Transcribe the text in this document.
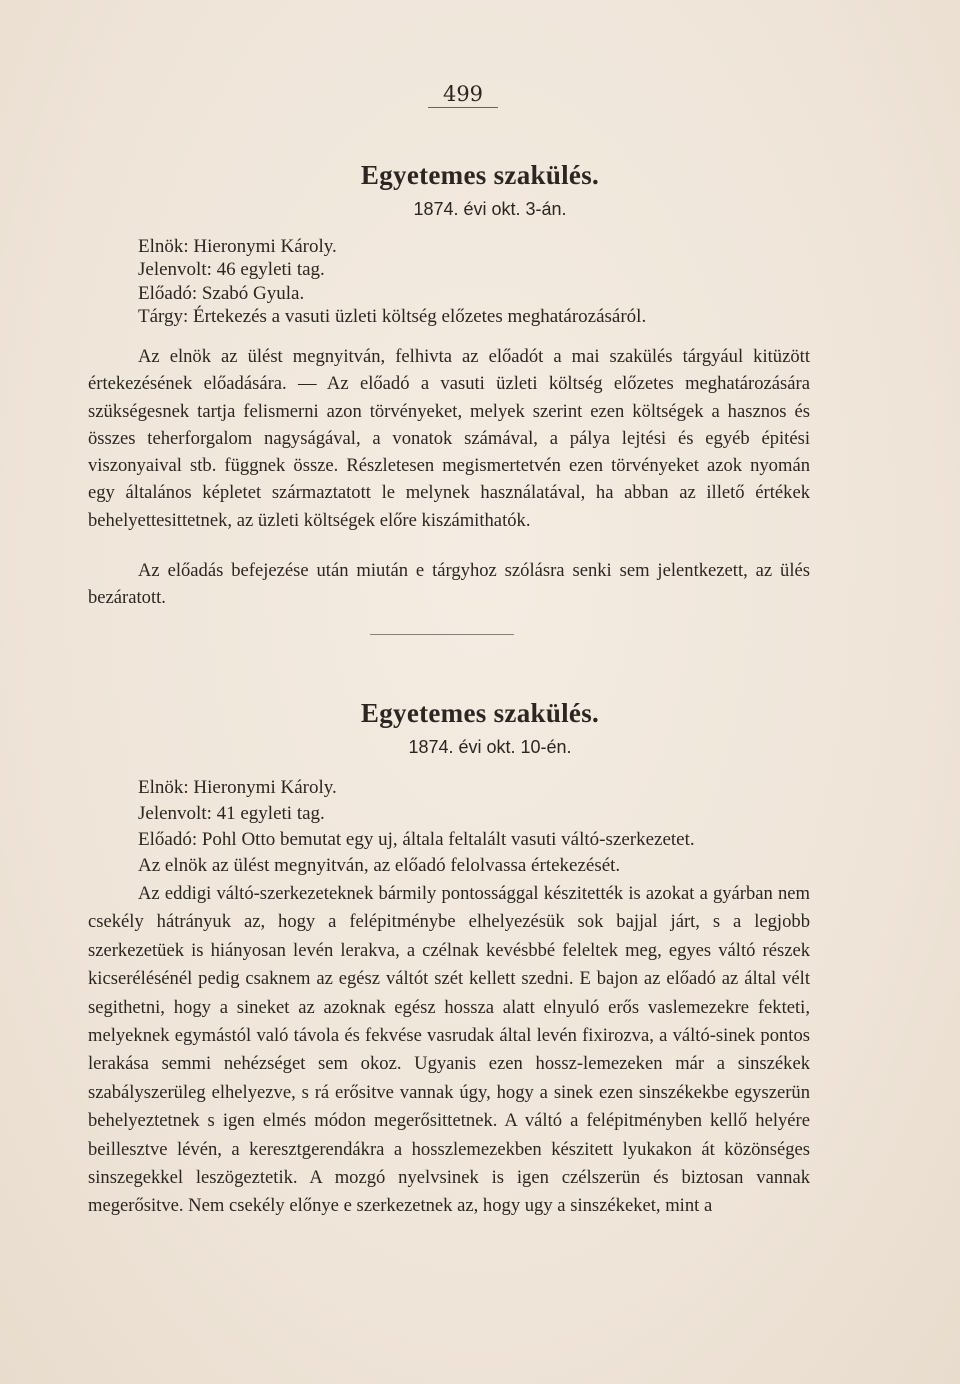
499
Egyetemes szakülés.
1874. évi okt. 3-án.
Elnök: Hieronymi Károly.
Jelenvolt: 46 egyleti tag.
Előadó: Szabó Gyula.
Tárgy: Értekezés a vasuti üzleti költség előzetes meghatározásáról.
Az elnök az ülést megnyitván, felhivta az előadót a mai szakülés tárgyául kitüzött értekezésének előadására. — Az előadó a vasuti üzleti költség előzetes meghatározására szükségesnek tartja felismerni azon törvényeket, melyek szerint ezen költségek a hasznos és összes teherforgalom nagyságával, a vonatok számával, a pálya lejtési és egyéb épitési viszonyaival stb. függnek össze. Részletesen megismertetvén ezen törvényeket azok nyomán egy általános képletet származtatott le melynek használatával, ha abban az illető értékek behelyettesittetnek, az üzleti költségek előre kiszámithatók.
Az előadás befejezése után miután e tárgyhoz szólásra senki sem jelentkezett, az ülés bezáratott.
Egyetemes szakülés.
1874. évi okt. 10-én.
Elnök: Hieronymi Károly.
Jelenvolt: 41 egyleti tag.
Előadó: Pohl Otto bemutat egy uj, általa feltalált vasuti váltó-szerkezetet.
Az elnök az ülést megnyitván, az előadó felolvassa értekezését.
Az eddigi váltó-szerkezeteknek bármily pontossággal készitették is azokat a gyárban nem csekély hátrányuk az, hogy a felépitménybe elhelyezésük sok bajjal járt, s a legjobb szerkezetüek is hiányosan levén lerakva, a czélnak kevésbbé feleltek meg, egyes váltó részek kicserélésénél pedig csaknem az egész váltót szét kellett szedni. E bajon az előadó az által vélt segithetni, hogy a sineket az azoknak egész hossza alatt elnyuló erős vaslemezekre fekteti, melyeknek egymástól való távola és fekvése vasrudak által levén fixirozva, a váltó-sinek pontos lerakása semmi nehézséget sem okoz. Ugyanis ezen hossz-lemezeken már a sinszékek szabályszerüleg elhelyezve, s rá erősitve vannak úgy, hogy a sinek ezen sinszékekbe egyszerün behelyeztetnek s igen elmés módon megerősittetnek. A váltó a felépitményben kellő helyére beillesztve lévén, a keresztgerendákra a hosszlemezekben készitett lyukakon át közönséges sinszegekkel leszögeztetik. A mozgó nyelvsinek is igen czélszerün és biztosan vannak megerősitve. Nem csekély előnye e szerkezetnek az, hogy ugy a sinszékeket, mint a
